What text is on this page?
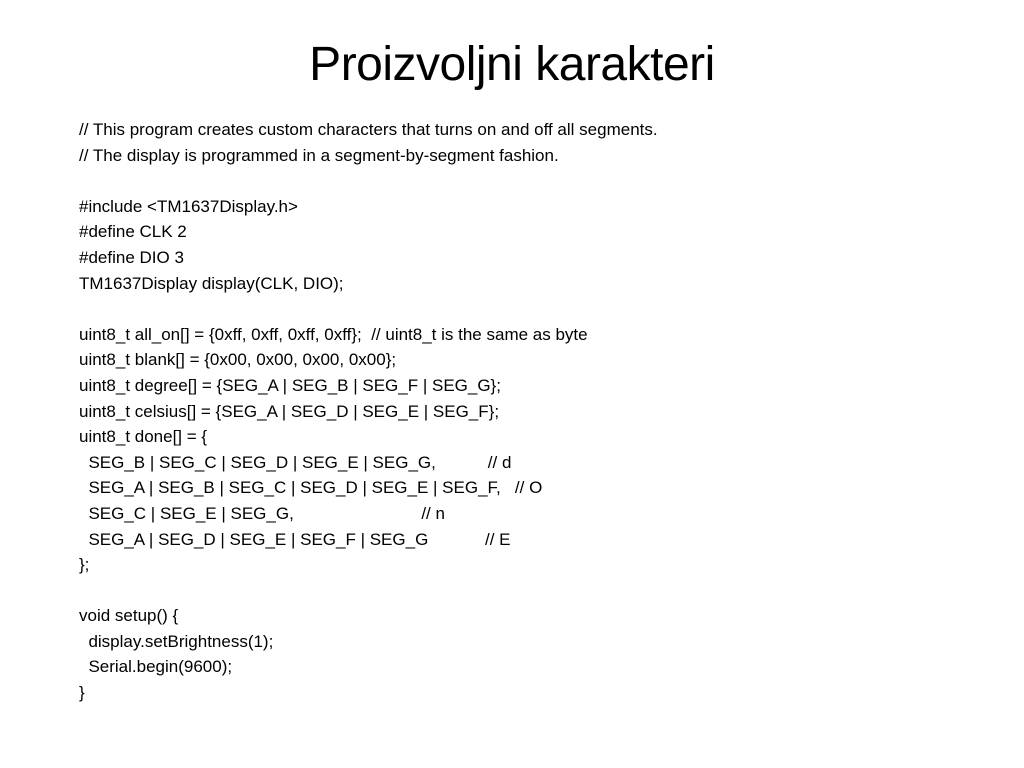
Proizvoljni karakteri
// This program creates custom characters that turns on and off all segments.
// The display is programmed in a segment-by-segment fashion.
#include <TM1637Display.h>
#define CLK 2
#define DIO 3
TM1637Display display(CLK, DIO);
uint8_t all_on[] = {0xff, 0xff, 0xff, 0xff};  // uint8_t is the same as byte
uint8_t blank[] = {0x00, 0x00, 0x00, 0x00};
uint8_t degree[] = {SEG_A | SEG_B | SEG_F | SEG_G};
uint8_t celsius[] = {SEG_A | SEG_D | SEG_E | SEG_F};
uint8_t done[] = {
SEG_B | SEG_C | SEG_D | SEG_E | SEG_G,           // d
SEG_A | SEG_B | SEG_C | SEG_D | SEG_E | SEG_F,   // O
SEG_C | SEG_E | SEG_G,                           // n
SEG_A | SEG_D | SEG_E | SEG_F | SEG_G            // E
};
void setup() {
display.setBrightness(1);
Serial.begin(9600);
}
